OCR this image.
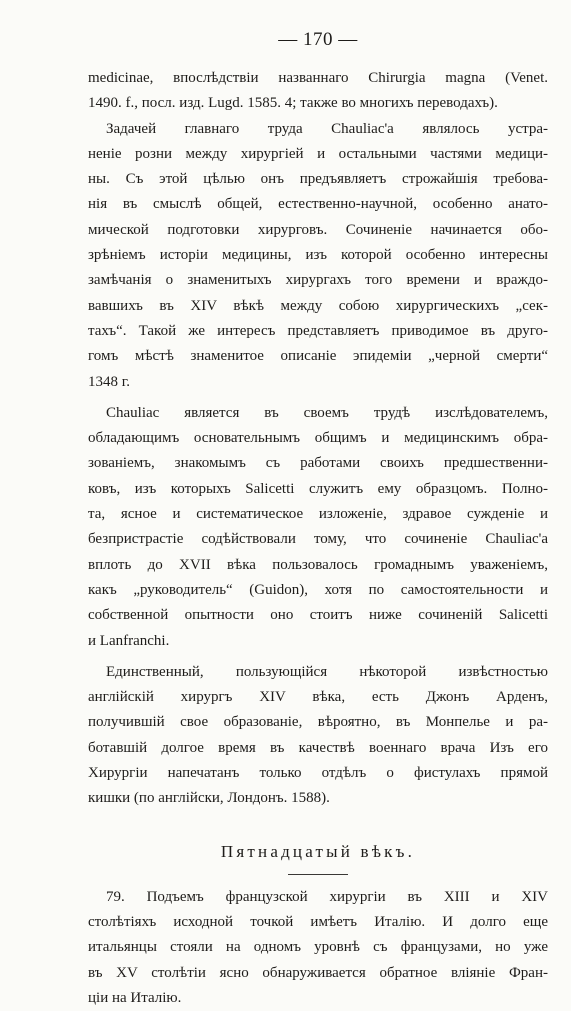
— 170 —

medicinae, впослѣдствіи названнаго Chirurgia magna (Venet.
1490. f., посл. изд. Lugd. 1585. 4; также во многихъ переводахъ).

Задачей главнаго труда Chauliac'а являлось устра-
неніе розни между хирургіей и остальными частями медици-
ны. Съ этой цѣлью онъ предъявляетъ строжайшія требова-
нія въ смыслѣ общей, естественно-научной, особенно анато-
мической подготовки хирурговъ. Сочиненіе начинается обо-
зрѣніемъ исторіи медицины, изъ которой особенно интересны
замѣчанія о знаменитыхъ хирургахъ того времени и враждо-
вавшихъ въ XIV вѣкѣ между собою хирургическихъ „сек-
тахъ“. Такой же интересъ представляетъ приводимое въ друго-
гомъ мѣстѣ знаменитое описаніе эпидеміи „черной смерти“
1348 г.

Chauliac является въ своемъ трудѣ изслѣдователемъ,
обладающимъ основательнымъ общимъ и медицинскимъ обра-
зованіемъ, знакомымъ съ работами своихъ предшественни-
ковъ, изъ которыхъ Salicetti служитъ ему образцомъ. Полно-
та, ясное и систематическое изложеніе, здравое сужденіе и
безпристрастіе содѣйствовали тому, что сочиненіе Chauliac'а
вплоть до XVII вѣка пользовалось громаднымъ уваженіемъ,
какъ „руководитель“ (Guidon), хотя по самостоятельности и
собственной опытности оно стоитъ ниже сочиненій Salicetti
и Lanfranchi.

Единственный, пользующійся нѣкоторой извѣстностью
англійскій хирургъ XIV вѣка, есть Джонъ Арденъ,
получившій свое образованіе, вѣроятно, въ Монпелье и ра-
ботавшій долгое время въ качествѣ военнаго врача Изъ его
Хирургіи напечатанъ только отдѣлъ о фистулахъ прямой
кишки (по англійски, Лондонъ. 1588).

Пятнадцатый вѣкъ.

79. Подъемъ французской хирургіи въ XIII и XIV
столѣтіяхъ исходной точкой имѣетъ Италію. И долго еще
итальянцы стояли на одномъ уровнѣ съ французами, но уже
въ XV столѣтіи ясно обнаруживается обратное вліяніе Фран-
ціи на Италію.
